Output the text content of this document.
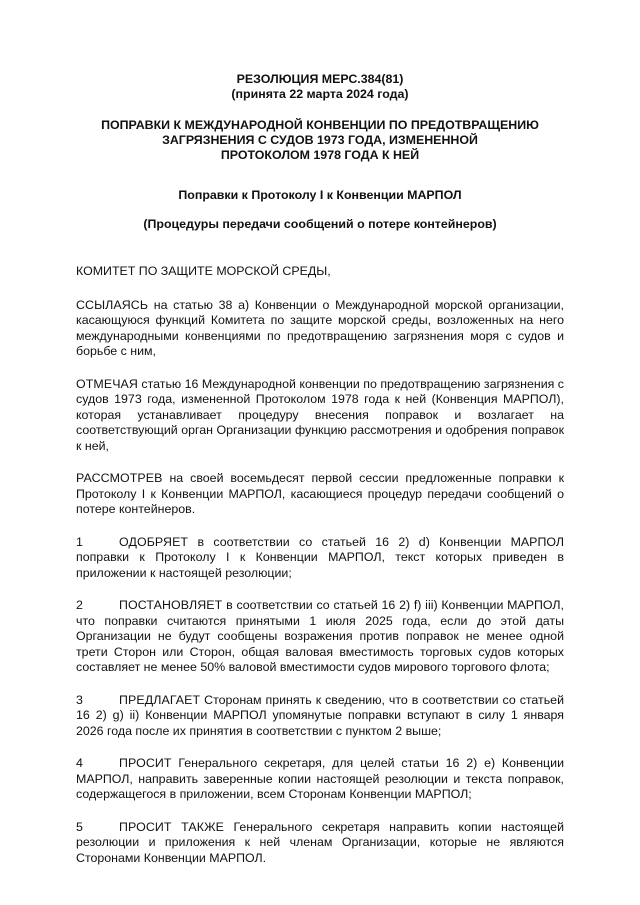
РЕЗОЛЮЦИЯ МЕРС.384(81)
(принята 22 марта 2024 года)
ПОПРАВКИ К МЕЖДУНАРОДНОЙ КОНВЕНЦИИ ПО ПРЕДОТВРАЩЕНИЮ
ЗАГРЯЗНЕНИЯ С СУДОВ 1973 ГОДА, ИЗМЕНЕННОЙ
ПРОТОКОЛОМ 1978 ГОДА К НЕЙ
Поправки к Протоколу I к Конвенции МАРПОЛ
(Процедуры передачи сообщений о потере контейнеров)

КОМИТЕТ ПО ЗАЩИТЕ МОРСКОЙ СРЕДЫ,

ССЫЛАЯСЬ на статью 38 а) Конвенции о Международной морской организации, касающуюся функций Комитета по защите морской среды, возложенных на него международными конвенциями по предотвращению загрязнения моря с судов и борьбе с ним,

ОТМЕЧАЯ статью 16 Международной конвенции по предотвращению загрязнения с судов 1973 года, измененной Протоколом 1978 года к ней (Конвенция МАРПОЛ), которая устанавливает процедуру внесения поправок и возлагает на соответствующий орган Организации функцию рассмотрения и одобрения поправок к ней,

РАССМОТРЕВ на своей восемьдесят первой сессии предложенные поправки к Протоколу I к Конвенции МАРПОЛ, касающиеся процедур передачи сообщений о потере контейнеров.

1	ОДОБРЯЕТ в соответствии со статьей 16 2) d) Конвенции МАРПОЛ поправки к Протоколу I к Конвенции МАРПОЛ, текст которых приведен в приложении к настоящей резолюции;

2	ПОСТАНОВЛЯЕТ в соответствии со статьей 16 2) f) iii) Конвенции МАРПОЛ, что поправки считаются принятыми 1 июля 2025 года, если до этой даты Организации не будут сообщены возражения против поправок не менее одной трети Сторон или Сторон, общая валовая вместимость торговых судов которых составляет не менее 50% валовой вместимости судов мирового торгового флота;

3	ПРЕДЛАГАЕТ Сторонам принять к сведению, что в соответствии со статьей 16 2) g) ii) Конвенции МАРПОЛ упомянутые поправки вступают в силу 1 января 2026 года после их принятия в соответствии с пунктом 2 выше;

4	ПРОСИТ Генерального секретаря, для целей статьи 16 2) e) Конвенции МАРПОЛ, направить заверенные копии настоящей резолюции и текста поправок, содержащегося в приложении, всем Сторонам Конвенции МАРПОЛ;

5	ПРОСИТ ТАКЖЕ Генерального секретаря направить копии настоящей резолюции и приложения к ней членам Организации, которые не являются Сторонами Конвенции МАРПОЛ.
